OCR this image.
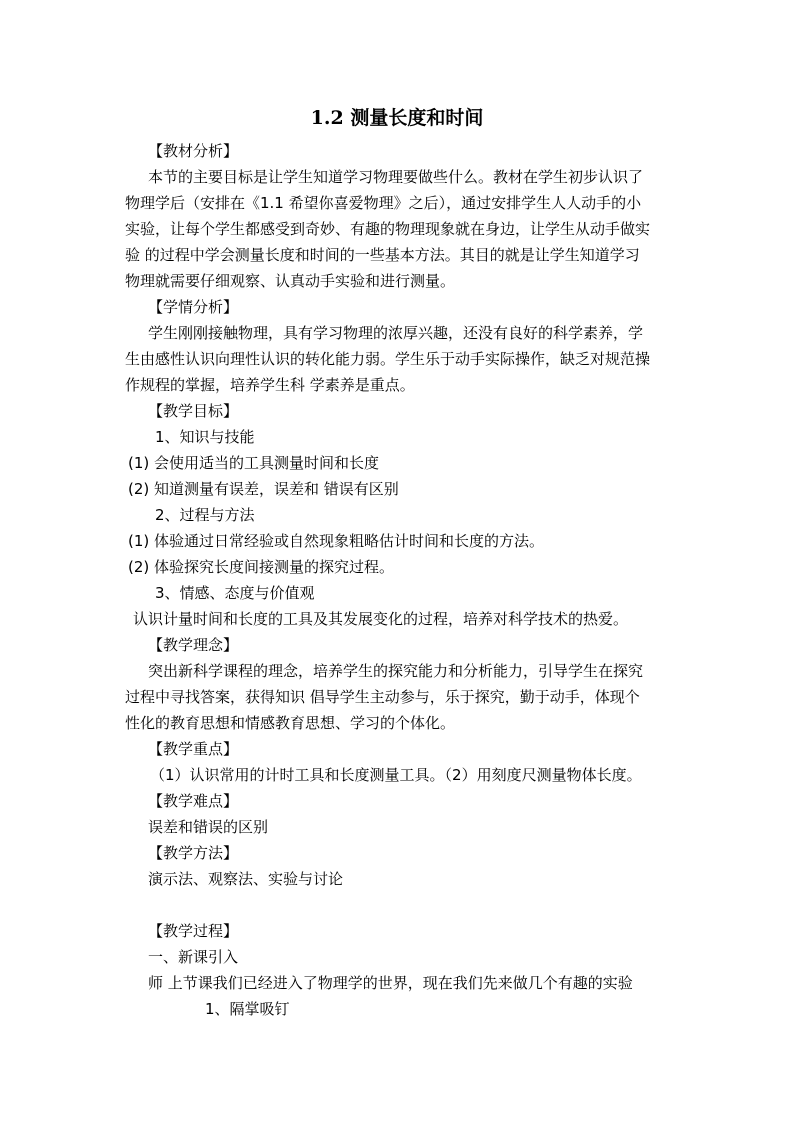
1.2 测量长度和时间
【教材分析】
本节的主要目标是让学生知道学习物理要做些什么。教材在学生初步认识了
物理学后（安排在《1.1 希望你喜爱物理》之后），通过安排学生人人动手的小
实验，让每个学生都感受到奇妙、有趣的物理现象就在身边，让学生从动手做实
验 的过程中学会测量长度和时间的一些基本方法。其目的就是让学生知道学习
物理就需要仔细观察、认真动手实验和进行测量。
【学情分析】
学生刚刚接触物理，具有学习物理的浓厚兴趣，还没有良好的科学素养，学
生由感性认识向理性认识的转化能力弱。学生乐于动手实际操作，缺乏对规范操
作规程的掌握，培养学生科 学素养是重点。
【教学目标】
1、知识与技能
(1) 会使用适当的工具测量时间和长度
(2) 知道测量有误差，误差和 错误有区别
2、过程与方法
(1) 体验通过日常经验或自然现象粗略估计时间和长度的方法。
(2) 体验探究长度间接测量的探究过程。
3、情感、态度与价值观
认识计量时间和长度的工具及其发展变化的过程，培养对科学技术的热爱。
【教学理念】
突出新科学课程的理念，培养学生的探究能力和分析能力，引导学生在探究
过程中寻找答案，获得知识 倡导学生主动参与，乐于探究，勤于动手，体现个
性化的教育思想和情感教育思想、学习的个体化。
【教学重点】
（1）认识常用的计时工具和长度测量工具。（2）用刻度尺测量物体长度。
【教学难点】
误差和错误的区别
【教学方法】
演示法、观察法、实验与讨论
【教学过程】
一、新课引入
师 上节课我们已经进入了物理学的世界，现在我们先来做几个有趣的实验
1、隔掌吸钉
